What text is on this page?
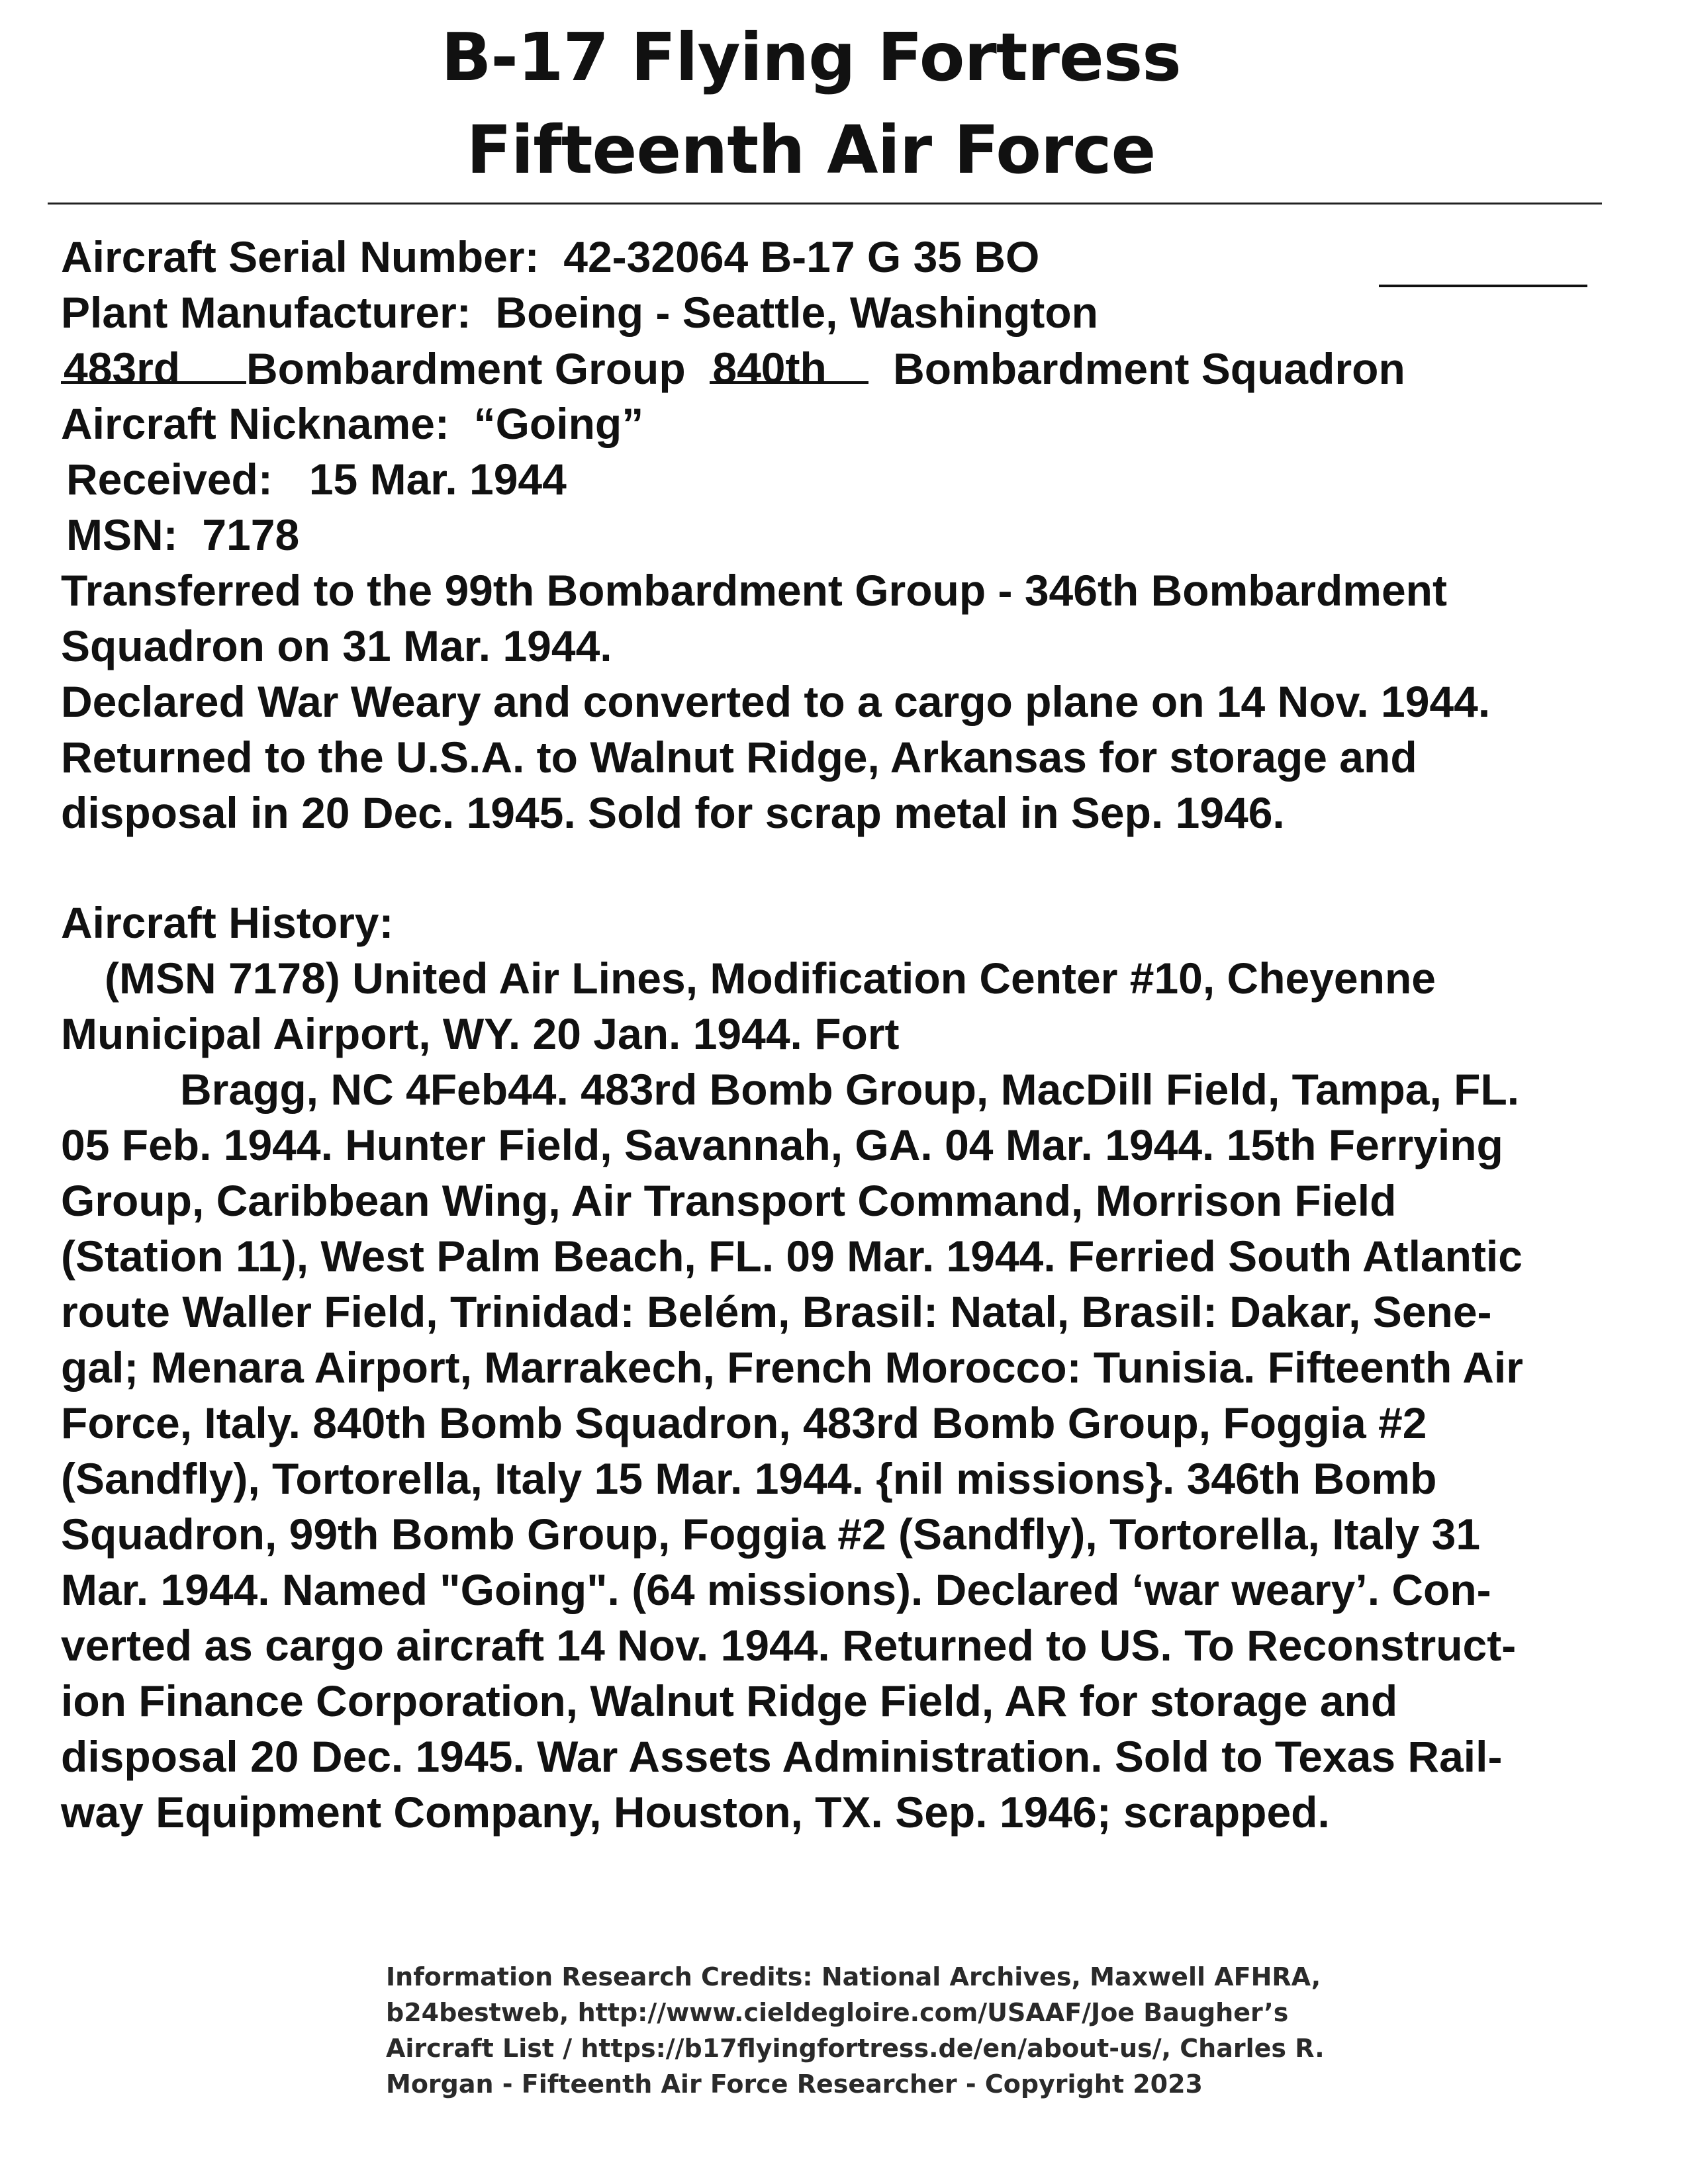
B-17 Flying Fortress
Fifteenth Air Force
Aircraft Serial Number: 42-32064 B-17 G 35 BO
Plant Manufacturer: Boeing - Seattle, Washington
483rd Bombardment Group 840th Bombardment Squadron
Aircraft Nickname: “Going”
Received: 15 Mar. 1944
MSN: 7178
Transferred to the 99th Bombardment Group - 346th Bombardment
Squadron on 31 Mar. 1944.
Declared War Weary and converted to a cargo plane on 14 Nov. 1944.
Returned to the U.S.A. to Walnut Ridge, Arkansas for storage and
disposal in 20 Dec. 1945. Sold for scrap metal in Sep. 1946.
Aircraft History:
(MSN 7178) United Air Lines, Modification Center #10, Cheyenne
Municipal Airport, WY. 20 Jan. 1944. Fort
Bragg, NC 4Feb44. 483rd Bomb Group, MacDill Field, Tampa, FL.
05 Feb. 1944. Hunter Field, Savannah, GA. 04 Mar. 1944. 15th Ferrying
Group, Caribbean Wing, Air Transport Command, Morrison Field
(Station 11), West Palm Beach, FL. 09 Mar. 1944. Ferried South Atlantic
route Waller Field, Trinidad: Belém, Brasil: Natal, Brasil: Dakar, Sene-
gal; Menara Airport, Marrakech, French Morocco: Tunisia. Fifteenth Air
Force, Italy. 840th Bomb Squadron, 483rd Bomb Group, Foggia #2
(Sandfly), Tortorella, Italy 15 Mar. 1944. {nil missions}. 346th Bomb
Squadron, 99th Bomb Group, Foggia #2 (Sandfly), Tortorella, Italy 31
Mar. 1944. Named "Going". (64 missions). Declared ‘war weary’. Con-
verted as cargo aircraft 14 Nov. 1944. Returned to US. To Reconstruct-
ion Finance Corporation, Walnut Ridge Field, AR for storage and
disposal 20 Dec. 1945. War Assets Administration. Sold to Texas Rail-
way Equipment Company, Houston, TX. Sep. 1946; scrapped.
Information Research Credits: National Archives, Maxwell AFHRA,
b24bestweb, http://www.cieldegloire.com/USAAF/Joe Baugher’s
Aircraft List / https://b17flyingfortress.de/en/about-us/, Charles R.
Morgan - Fifteenth Air Force Researcher - Copyright 2023
